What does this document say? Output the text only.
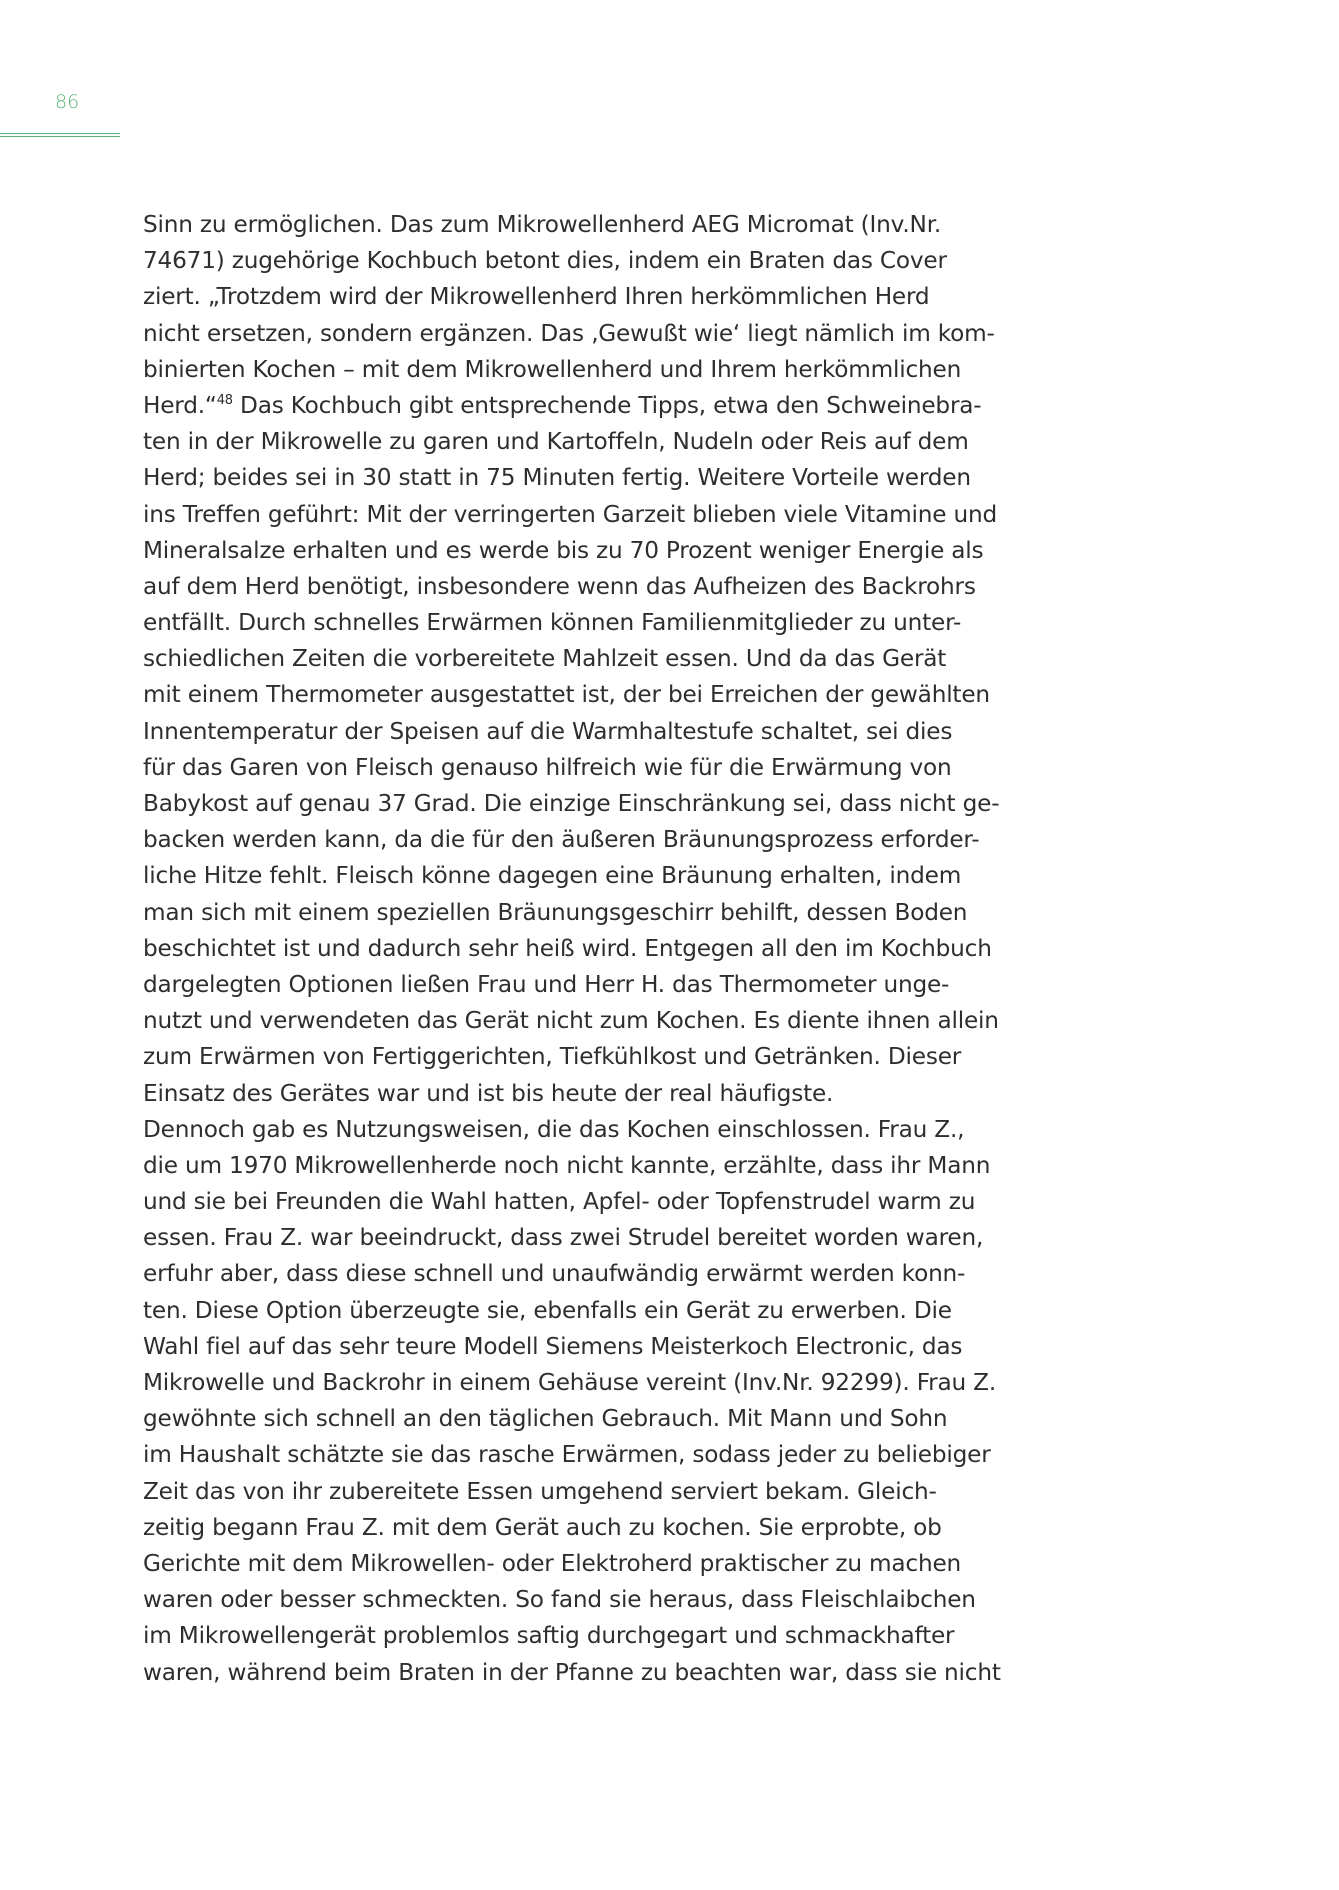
86
Sinn zu ermöglichen. Das zum Mikrowellenherd AEG Micromat (Inv.Nr.
74671) zugehörige Kochbuch betont dies, indem ein Braten das Cover
ziert. „Trotzdem wird der Mikrowellenherd Ihren herkömmlichen Herd
nicht ersetzen, sondern ergänzen. Das ‚Gewußt wie‘ liegt nämlich im kom-
binierten Kochen – mit dem Mikrowellenherd und Ihrem herkömmlichen
Herd.“$^{48}$ Das Kochbuch gibt entsprechende Tipps, etwa den Schweinebra-
ten in der Mikrowelle zu garen und Kartoffeln, Nudeln oder Reis auf dem
Herd; beides sei in 30 statt in 75 Minuten fertig. Weitere Vorteile werden
ins Treffen geführt: Mit der verringerten Garzeit blieben viele Vitamine und
Mineralsalze erhalten und es werde bis zu 70 Prozent weniger Energie als
auf dem Herd benötigt, insbesondere wenn das Aufheizen des Backrohrs
entfällt. Durch schnelles Erwärmen können Familienmitglieder zu unter-
schiedlichen Zeiten die vorbereitete Mahlzeit essen. Und da das Gerät
mit einem Thermometer ausgestattet ist, der bei Erreichen der gewählten
Innentemperatur der Speisen auf die Warmhaltestufe schaltet, sei dies
für das Garen von Fleisch genauso hilfreich wie für die Erwärmung von
Babykost auf genau 37 Grad. Die einzige Einschränkung sei, dass nicht ge-
backen werden kann, da die für den äußeren Bräunungsprozess erforder-
liche Hitze fehlt. Fleisch könne dagegen eine Bräunung erhalten, indem
man sich mit einem speziellen Bräunungsgeschirr behilft, dessen Boden
beschichtet ist und dadurch sehr heiß wird. Entgegen all den im Kochbuch
dargelegten Optionen ließen Frau und Herr H. das Thermometer unge-
nutzt und verwendeten das Gerät nicht zum Kochen. Es diente ihnen allein
zum Erwärmen von Fertiggerichten, Tiefkühlkost und Getränken. Dieser
Einsatz des Gerätes war und ist bis heute der real häufigste.
Dennoch gab es Nutzungsweisen, die das Kochen einschlossen. Frau Z.,
die um 1970 Mikrowellenherde noch nicht kannte, erzählte, dass ihr Mann
und sie bei Freunden die Wahl hatten, Apfel- oder Topfenstrudel warm zu
essen. Frau Z. war beeindruckt, dass zwei Strudel bereitet worden waren,
erfuhr aber, dass diese schnell und unaufwändig erwärmt werden konn-
ten. Diese Option überzeugte sie, ebenfalls ein Gerät zu erwerben. Die
Wahl fiel auf das sehr teure Modell Siemens Meisterkoch Electronic, das
Mikrowelle und Backrohr in einem Gehäuse vereint (Inv.Nr. 92299). Frau Z.
gewöhnte sich schnell an den täglichen Gebrauch. Mit Mann und Sohn
im Haushalt schätzte sie das rasche Erwärmen, sodass jeder zu beliebiger
Zeit das von ihr zubereitete Essen umgehend serviert bekam. Gleich-
zeitig begann Frau Z. mit dem Gerät auch zu kochen. Sie erprobte, ob
Gerichte mit dem Mikrowellen- oder Elektroherd praktischer zu machen
waren oder besser schmeckten. So fand sie heraus, dass Fleischlaibchen
im Mikrowellengerät problemlos saftig durchgegart und schmackhafter
waren, während beim Braten in der Pfanne zu beachten war, dass sie nicht
